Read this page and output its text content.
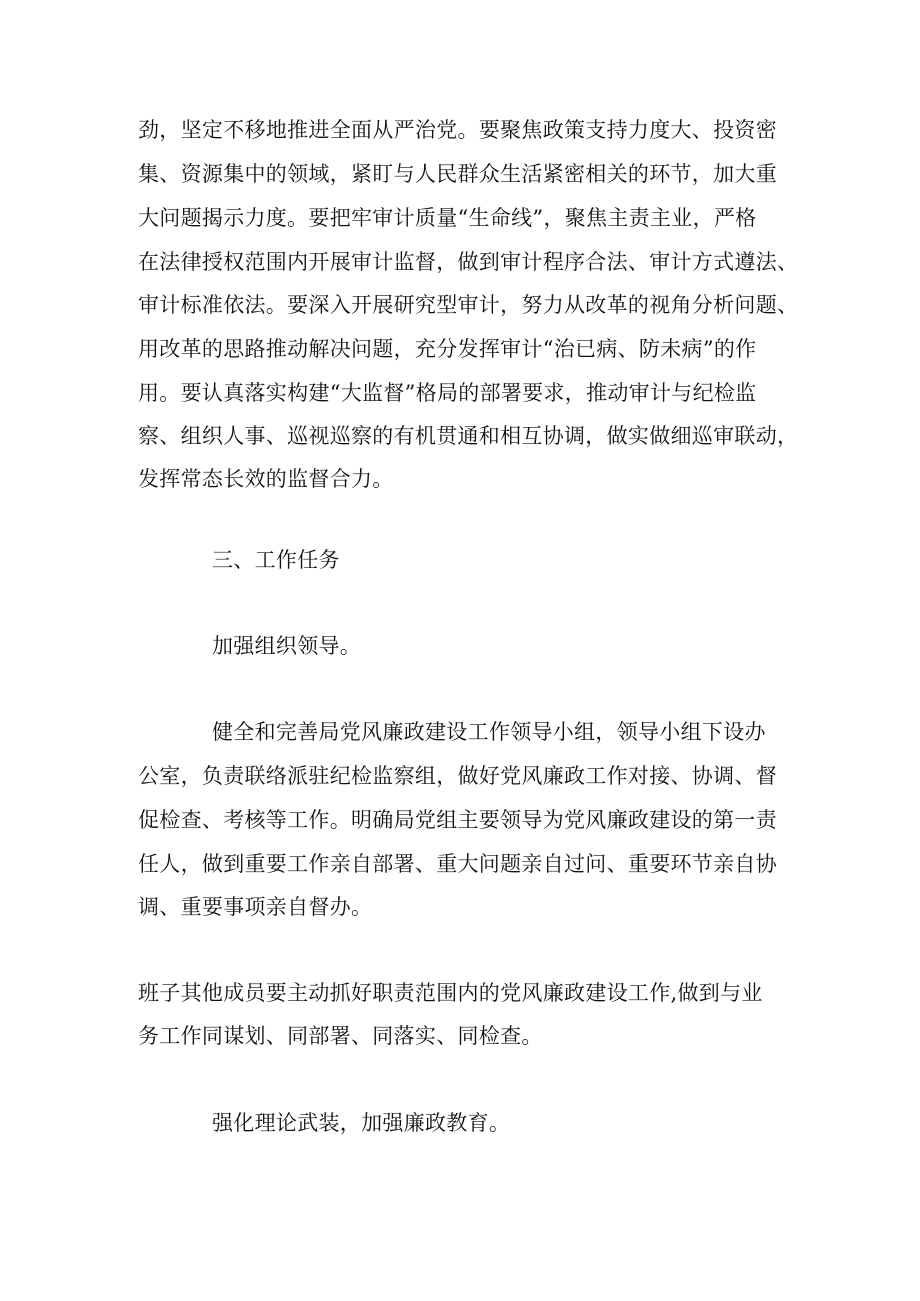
劲，坚定不移地推进全面从严治党。要聚焦政策支持力度大、投资密
集、资源集中的领域，紧盯与人民群众生活紧密相关的环节，加大重
大问题揭示力度。要把牢审计质量“生命线”，聚焦主责主业，严格
在法律授权范围内开展审计监督，做到审计程序合法、审计方式遵法、
审计标准依法。要深入开展研究型审计，努力从改革的视角分析问题、
用改革的思路推动解决问题，充分发挥审计“治已病、防未病”的作
用。要认真落实构建“大监督”格局的部署要求，推动审计与纪检监
察、组织人事、巡视巡察的有机贯通和相互协调，做实做细巡审联动，
发挥常态长效的监督合力。
三、工作任务
加强组织领导。
健全和完善局党风廉政建设工作领导小组，领导小组下设办
公室，负责联络派驻纪检监察组，做好党风廉政工作对接、协调、督
促检查、考核等工作。明确局党组主要领导为党风廉政建设的第一责
任人，做到重要工作亲自部署、重大问题亲自过问、重要环节亲自协
调、重要事项亲自督办。
班子其他成员要主动抓好职责范围内的党风廉政建设工作,做到与业
务工作同谋划、同部署、同落实、同检查。
强化理论武装，加强廉政教育。
